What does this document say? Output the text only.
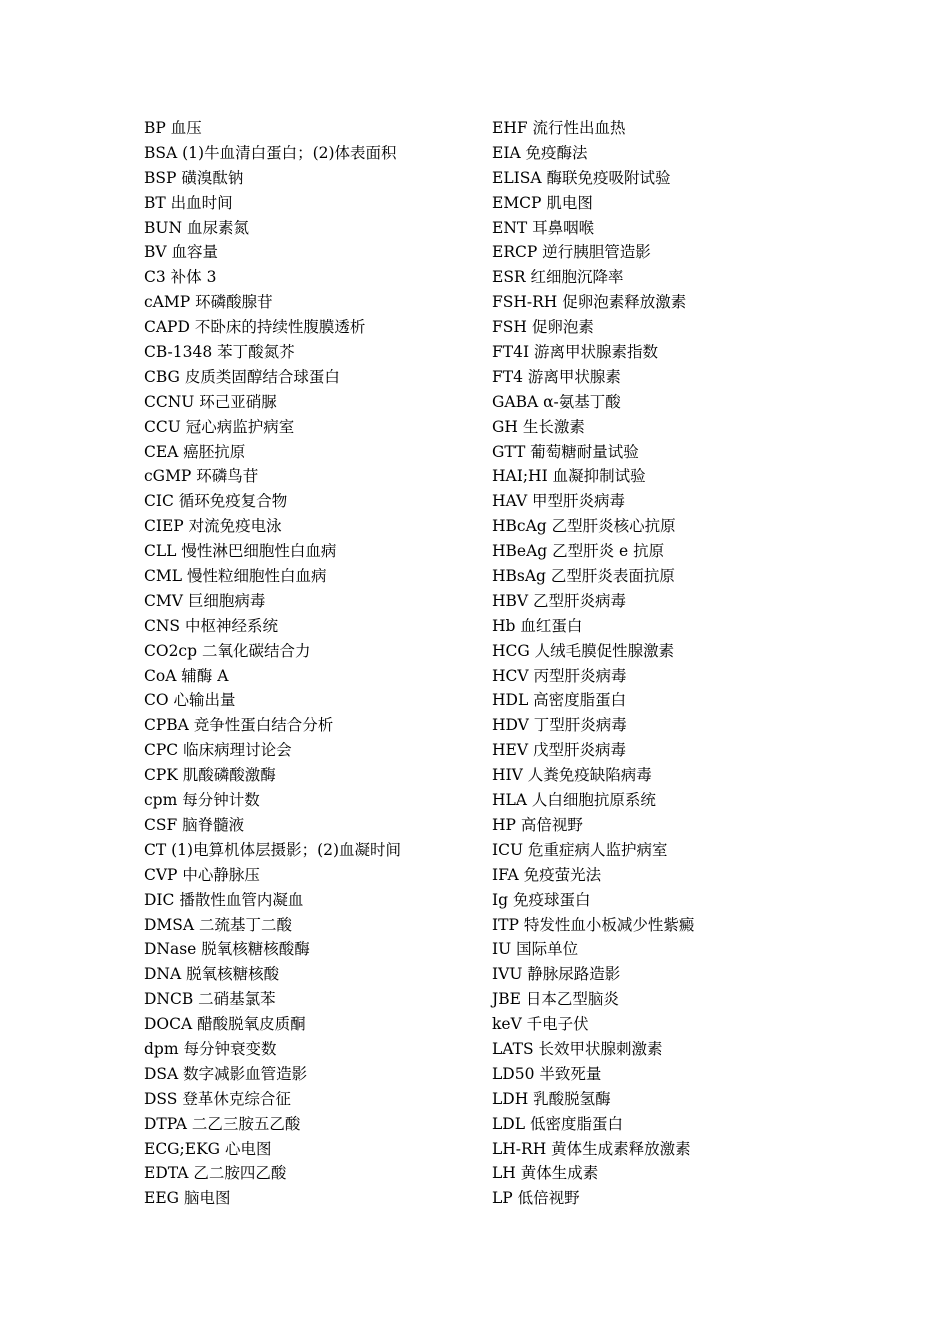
BP 血压
BSA (1)牛血清白蛋白；(2)体表面积
BSP 磺溴酞钠
BT 出血时间
BUN 血尿素氮
BV 血容量
C3 补体 3
cAMP 环磷酸腺苷
CAPD 不卧床的持续性腹膜透析
CB-1348 苯丁酸氮芥
CBG 皮质类固醇结合球蛋白
CCNU 环己亚硝脲
CCU 冠心病监护病室
CEA 癌胚抗原
cGMP 环磷鸟苷
CIC 循环免疫复合物
CIEP 对流免疫电泳
CLL 慢性淋巴细胞性白血病
CML 慢性粒细胞性白血病
CMV 巨细胞病毒
CNS 中枢神经系统
CO2cp 二氧化碳结合力
CoA 辅酶 A
CO 心输出量
CPBA 竞争性蛋白结合分析
CPC 临床病理讨论会
CPK 肌酸磷酸激酶
cpm 每分钟计数
CSF 脑脊髓液
CT (1)电算机体层摄影；(2)血凝时间
CVP 中心静脉压
DIC 播散性血管内凝血
DMSA 二巯基丁二酸
DNase 脱氧核糖核酸酶
DNA 脱氧核糖核酸
DNCB 二硝基氯苯
DOCA 醋酸脱氧皮质酮
dpm 每分钟衰变数
DSA 数字减影血管造影
DSS 登革休克综合征
DTPA 二乙三胺五乙酸
ECG;EKG 心电图
EDTA 乙二胺四乙酸
EEG 脑电图
EHF 流行性出血热
EIA 免疫酶法
ELISA 酶联免疫吸附试验
EMCP 肌电图
ENT 耳鼻咽喉
ERCP 逆行胰胆管造影
ESR 红细胞沉降率
FSH-RH 促卵泡素释放激素
FSH 促卵泡素
FT4I 游离甲状腺素指数
FT4 游离甲状腺素
GABA α-氨基丁酸
GH 生长激素
GTT 葡萄糖耐量试验
HAI;HI 血凝抑制试验
HAV 甲型肝炎病毒
HBcAg 乙型肝炎核心抗原
HBeAg 乙型肝炎 e 抗原
HBsAg 乙型肝炎表面抗原
HBV 乙型肝炎病毒
Hb 血红蛋白
HCG 人绒毛膜促性腺激素
HCV 丙型肝炎病毒
HDL 高密度脂蛋白
HDV 丁型肝炎病毒
HEV 戊型肝炎病毒
HIV 人粪免疫缺陷病毒
HLA 人白细胞抗原系统
HP 高倍视野
ICU 危重症病人监护病室
IFA 免疫萤光法
Ig 免疫球蛋白
ITP 特发性血小板减少性紫癜
IU 国际单位
IVU 静脉尿路造影
JBE 日本乙型脑炎
keV 千电子伏
LATS 长效甲状腺刺激素
LD50 半致死量
LDH 乳酸脱氢酶
LDL 低密度脂蛋白
LH-RH 黄体生成素释放激素
LH 黄体生成素
LP 低倍视野
